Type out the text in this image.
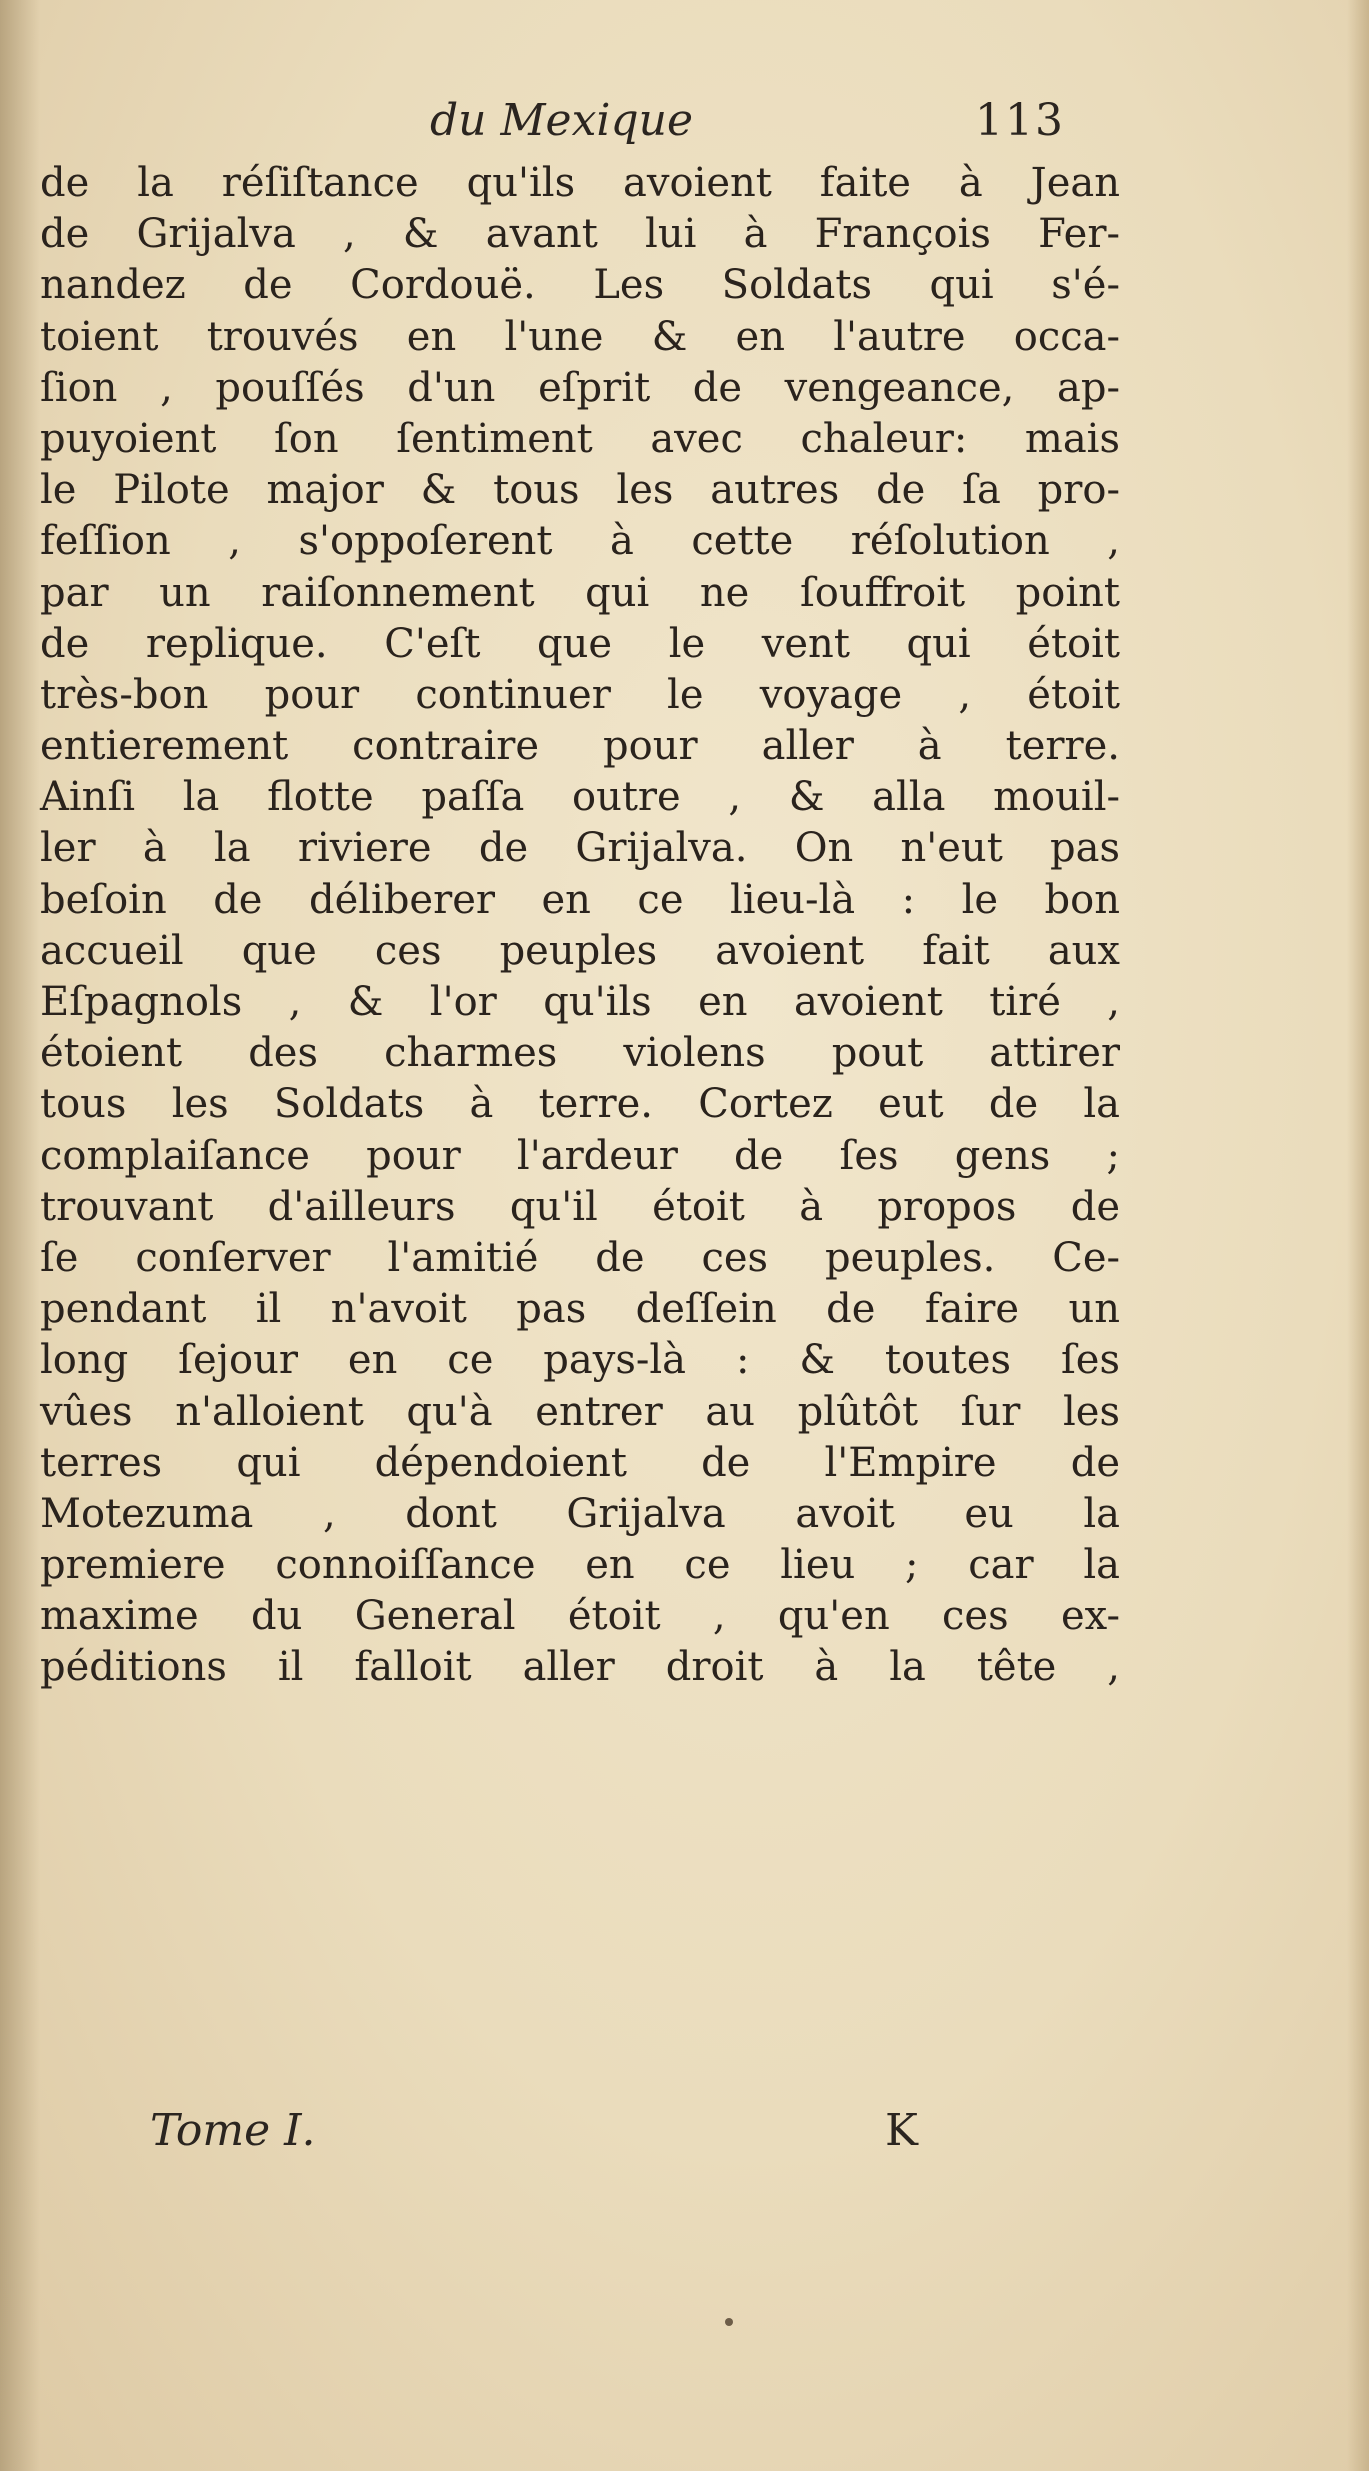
du Mexique	113
de la réſiſtance qu'ils avoient faite à Jean
de Grijalva , & avant lui à François Fer-
nandez de Cordouë. Les Soldats qui s'é-
toient trouvés en l'une & en l'autre occa-
ſion , pouſſés d'un eſprit de vengeance, ap-
puyoient ſon ſentiment avec chaleur: mais
le Pilote major & tous les autres de ſa pro-
feſſion , s'oppoſerent à cette réſolution ,
par un raiſonnement qui ne ſouffroit point
de replique. C'eſt que le vent qui étoit
très-bon pour continuer le voyage , étoit
entierement contraire pour aller à terre.
Ainſi la flotte paſſa outre , & alla mouil-
ler à la riviere de Grijalva. On n'eut pas
beſoin de déliberer en ce lieu-là : le bon
accueil que ces peuples avoient fait aux
Eſpagnols , & l'or qu'ils en avoient tiré ,
étoient des charmes violens pout attirer
tous les Soldats à terre. Cortez eut de la
complaiſance pour l'ardeur de ſes gens ;
trouvant d'ailleurs qu'il étoit à propos de
ſe conſerver l'amitié de ces peuples. Ce-
pendant il n'avoit pas deſſein de faire un
long ſejour en ce pays-là : & toutes ſes
vûes n'alloient qu'à entrer au plûtôt ſur les
terres qui dépendoient de l'Empire de
Motezuma , dont Grijalva avoit eu la
premiere connoiſſance en ce lieu ; car la
maxime du General étoit , qu'en ces ex-
péditions il falloit aller droit à la tête ,
Tome I.	K
